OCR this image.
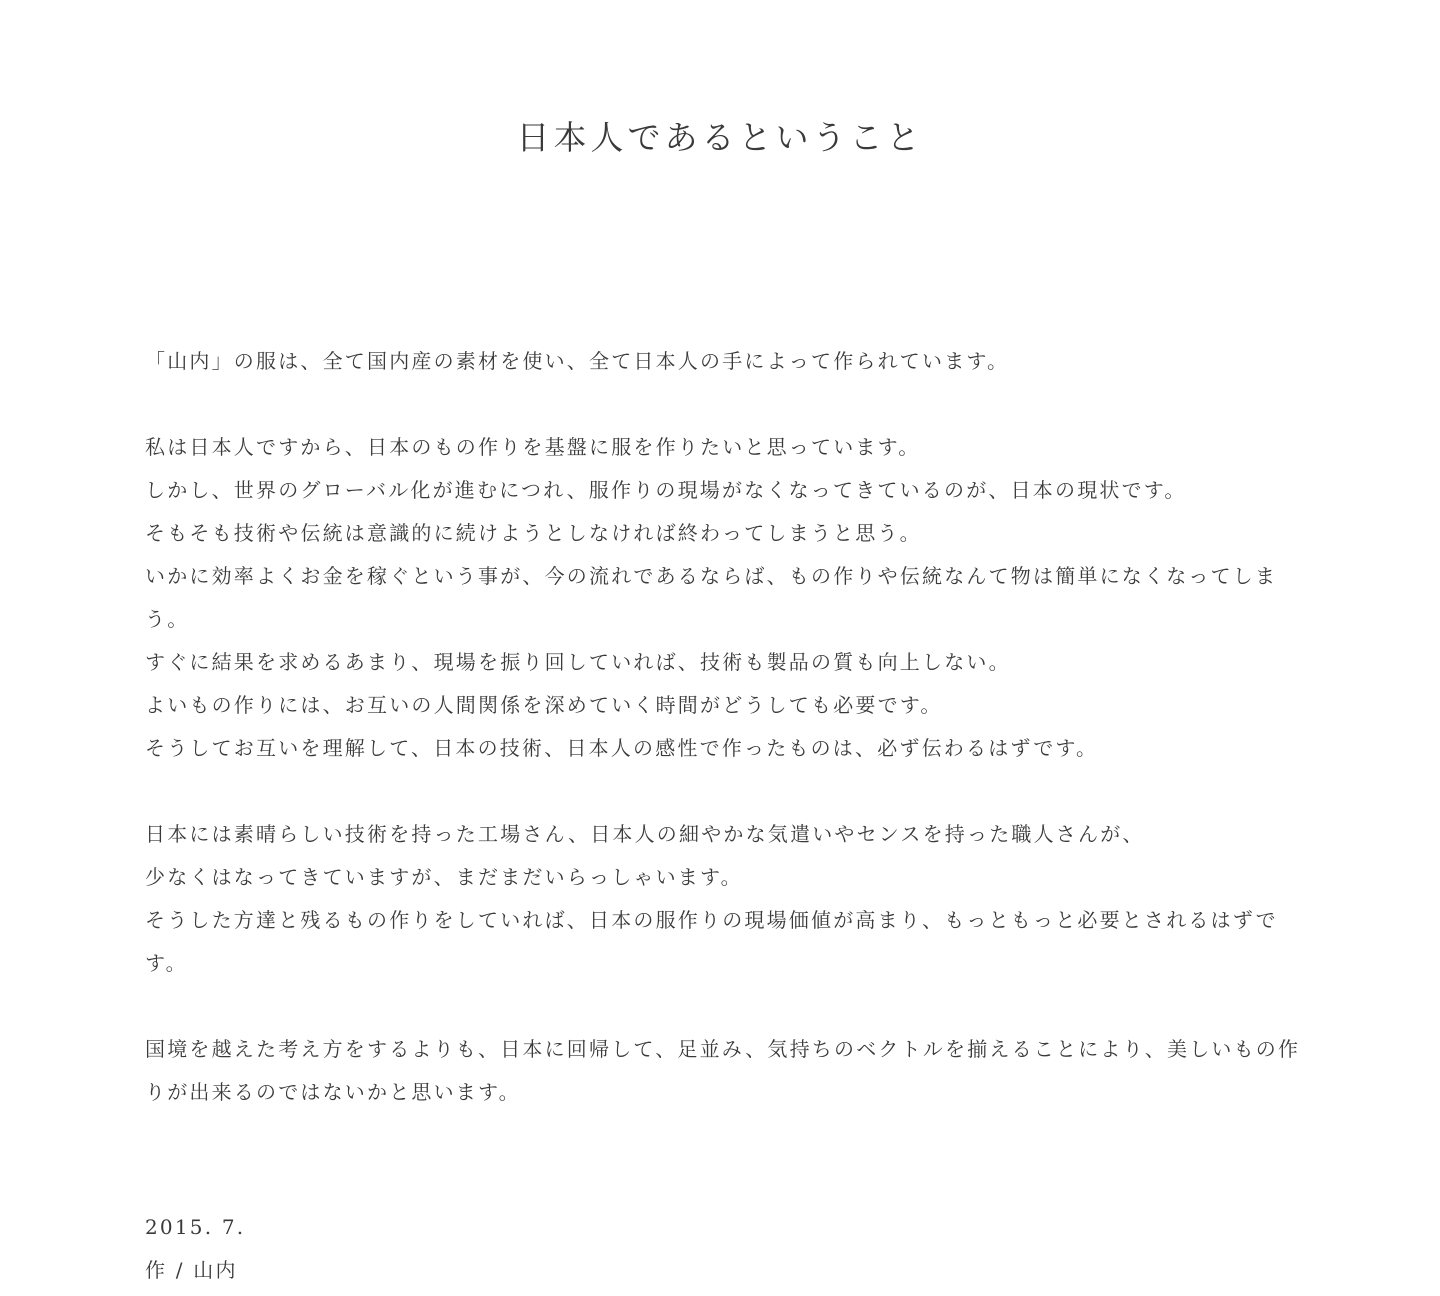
日本人であるということ

「山内」の服は、全て国内産の素材を使い、全て日本人の手によって作られています。

私は日本人ですから、日本のもの作りを基盤に服を作りたいと思っています。
しかし、世界のグローバル化が進むにつれ、服作りの現場がなくなってきているのが、日本の現状です。
そもそも技術や伝統は意識的に続けようとしなければ終わってしまうと思う。
いかに効率よくお金を稼ぐという事が、今の流れであるならば、もの作りや伝統なんて物は簡単になくなってしまう。
すぐに結果を求めるあまり、現場を振り回していれば、技術も製品の質も向上しない。
よいもの作りには、お互いの人間関係を深めていく時間がどうしても必要です。
そうしてお互いを理解して、日本の技術、日本人の感性で作ったものは、必ず伝わるはずです。

日本には素晴らしい技術を持った工場さん、日本人の細やかな気遣いやセンスを持った職人さんが、
少なくはなってきていますが、まだまだいらっしゃいます。
そうした方達と残るもの作りをしていれば、日本の服作りの現場価値が高まり、もっともっと必要とされるはずです。

国境を越えた考え方をするよりも、日本に回帰して、足並み、気持ちのベクトルを揃えることにより、美しいもの作りが出来るのではないかと思います。

2015. 7.
作 / 山内
